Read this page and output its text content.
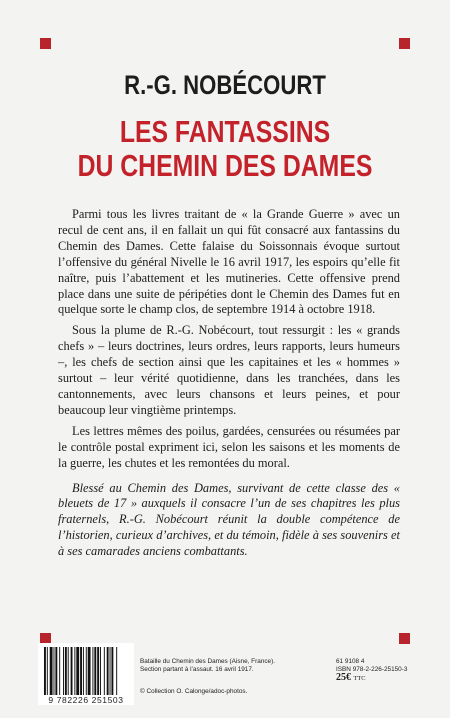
R.-G. NOBÉCOURT
LES FANTASSINS
DU CHEMIN DES DAMES

Parmi tous les livres traitant de « la Grande Guerre » avec un recul de cent ans, il en fallait un qui fût consacré aux fantassins du Chemin des Dames. Cette falaise du Soissonnais évoque surtout l’offensive du général Nivelle le 16 avril 1917, les espoirs qu’elle fit naître, puis l’abattement et les mutineries. Cette offensive prend place dans une suite de péripéties dont le Chemin des Dames fut en quelque sorte le champ clos, de septembre 1914 à octobre 1918.

Sous la plume de R.-G. Nobécourt, tout ressurgit : les « grands chefs » – leurs doctrines, leurs ordres, leurs rapports, leurs humeurs –, les chefs de section ainsi que les capitaines et les « hommes » surtout – leur vérité quotidienne, dans les tranchées, dans les cantonnements, avec leurs chansons et leurs peines, et pour beaucoup leur vingtième printemps.

Les lettres mêmes des poilus, gardées, censurées ou résumées par le contrôle postal expriment ici, selon les saisons et les moments de la guerre, les chutes et les remontées du moral.

Blessé au Chemin des Dames, survivant de cette classe des « bleuets de 17 » auxquels il consacre l’un de ses chapitres les plus fraternels, R.-G. Nobécourt réunit la double compétence de l’historien, curieux d’archives, et du témoin, fidèle à ses souvenirs et à ses camarades anciens combattants.

9 782226 251503
Bataille du Chemin des Dames (Aisne, France).
Section partant à l’assaut. 16 avril 1917.
© Collection O. Calonge/adoc-photos.
61 9108 4
ISBN 978-2-226-25150-3
25€ TTC
